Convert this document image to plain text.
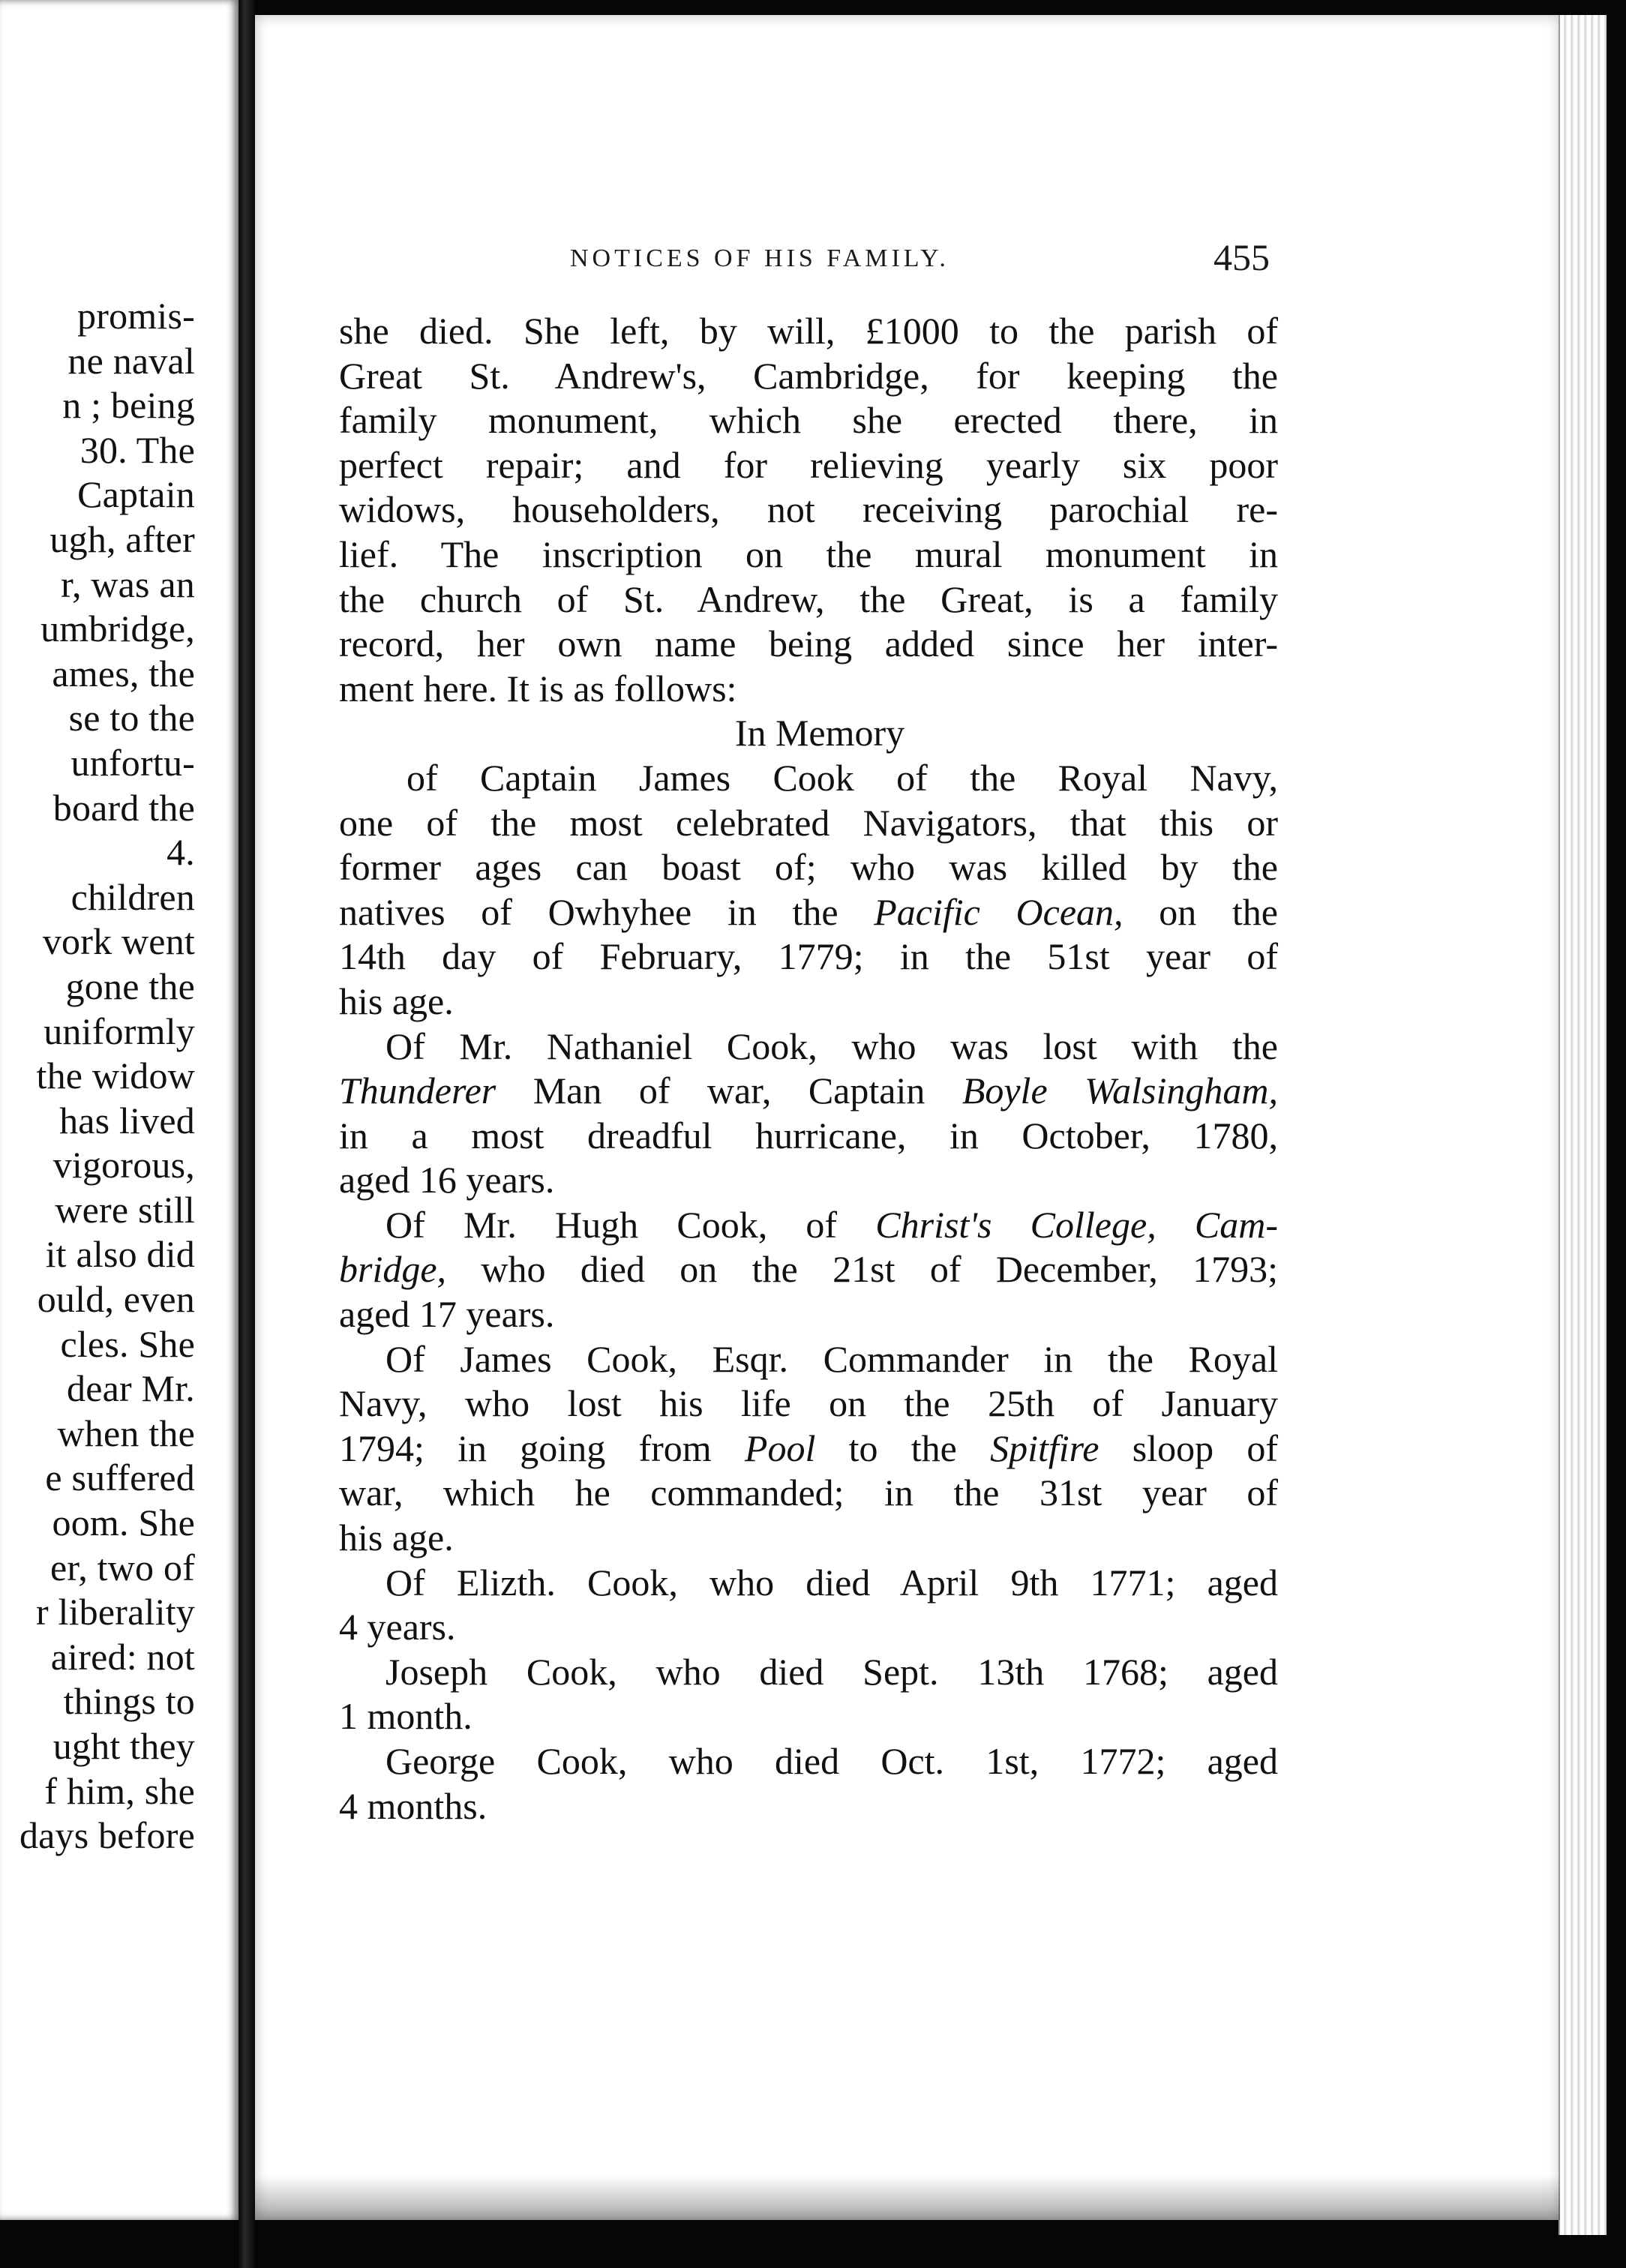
promis-
ne naval
n ; being
30. The
Captain
ugh, after
r, was an
umbridge,
ames, the
se to the
unfortu-
board the
4.
children
vork went
gone the
uniformly
the widow
has lived
vigorous,
were still
it also did
ould, even
cles. She
dear Mr.
when the
e suffered
oom. She
er, two of
r liberality
aired: not
things to
ught they
f him, she
days before
NOTICES OF HIS FAMILY.	455

she died. She left, by will, £1000 to the parish of

Great St. Andrew's, Cambridge, for keeping the

family monument, which she erected there, in

perfect repair; and for relieving yearly six poor

widows, householders, not receiving parochial re-

lief. The inscription on the mural monument in

the church of St. Andrew, the Great, is a family

record, her own name being added since her inter-

ment here. It is as follows:

In Memory

of Captain James Cook of the Royal Navy,

one of the most celebrated Navigators, that this or

former ages can boast of; who was killed by the

natives of Owhyhee in the Pacific Ocean, on the

14th day of February, 1779; in the 51st year of

his age.

Of Mr. Nathaniel Cook, who was lost with the

Thunderer Man of war, Captain Boyle Walsingham,

in a most dreadful hurricane, in October, 1780,

aged 16 years.

Of Mr. Hugh Cook, of Christ's College, Cam-

bridge, who died on the 21st of December, 1793;

aged 17 years.

Of James Cook, Esqr. Commander in the Royal

Navy, who lost his life on the 25th of January

1794; in going from Pool to the Spitfire sloop of

war, which he commanded; in the 31st year of

his age.

Of Elizth. Cook, who died April 9th 1771; aged

4 years.

Joseph Cook, who died Sept. 13th 1768; aged

1 month.

George Cook, who died Oct. 1st, 1772; aged

4 months.
